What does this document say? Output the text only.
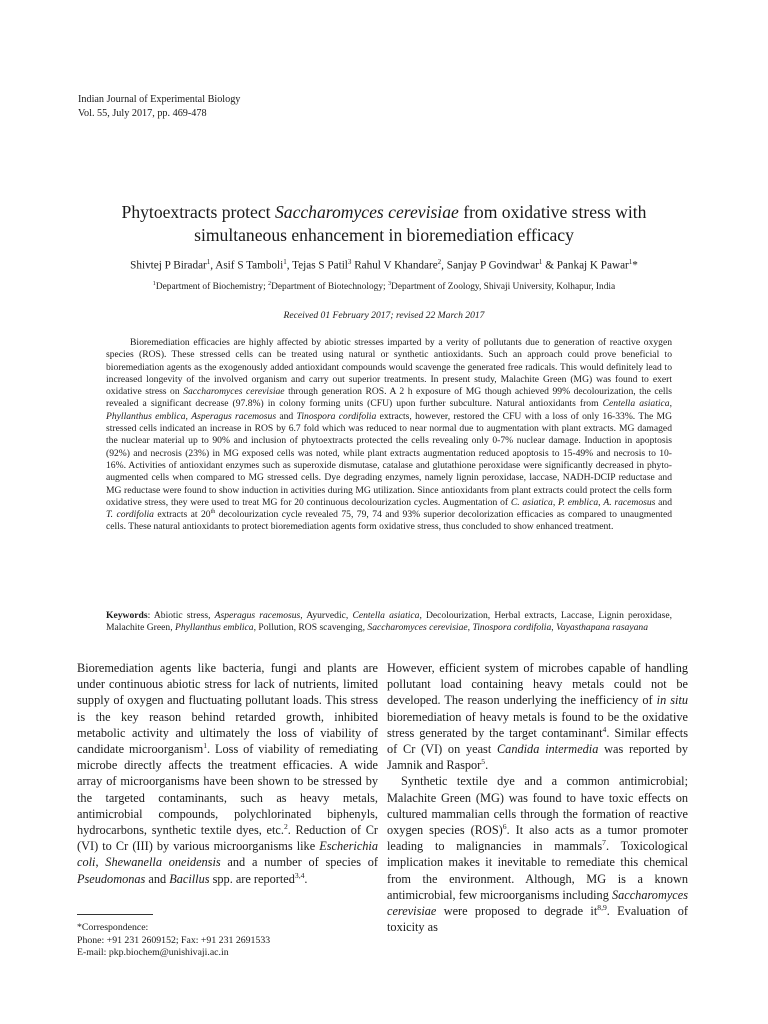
Indian Journal of Experimental Biology
Vol. 55, July 2017, pp. 469-478
Phytoextracts protect Saccharomyces cerevisiae from oxidative stress with
simultaneous enhancement in bioremediation efficacy
Shivtej P Biradar$^1$, Asif S Tamboli$^1$, Tejas S Patil$^3$ Rahul V Khandare$^2$, Sanjay P Govindwar$^1$ & Pankaj K Pawar$^1$*
$^1$Department of Biochemistry; $^2$Department of Biotechnology; $^3$Department of Zoology, Shivaji University, Kolhapur, India
Received 01 February 2017; revised 22 March 2017
Bioremediation efficacies are highly affected by abiotic stresses imparted by a verity of pollutants due to generation of reactive oxygen species (ROS). These stressed cells can be treated using natural or synthetic antioxidants. Such an approach could prove beneficial to bioremediation agents as the exogenously added antioxidant compounds would scavenge the generated free radicals. This would definitely lead to increased longevity of the involved organism and carry out superior treatments. In present study, Malachite Green (MG) was found to exert oxidative stress on Saccharomyces cerevisiae through generation ROS. A 2 h exposure of MG though achieved 99% decolourization, the cells revealed a significant decrease (97.8%) in colony forming units (CFU) upon further subculture. Natural antioxidants from Centella asiatica, Phyllanthus emblica, Asperagus racemosus and Tinospora cordifolia extracts, however, restored the CFU with a loss of only 16-33%. The MG stressed cells indicated an increase in ROS by 6.7 fold which was reduced to near normal due to augmentation with plant extracts. MG damaged the nuclear material up to 90% and inclusion of phytoextracts protected the cells revealing only 0-7% nuclear damage. Induction in apoptosis (92%) and necrosis (23%) in MG exposed cells was noted, while plant extracts augmentation reduced apoptosis to 15-49% and necrosis to 10-16%. Activities of antioxidant enzymes such as superoxide dismutase, catalase and glutathione peroxidase were significantly decreased in phyto-augmented cells when compared to MG stressed cells. Dye degrading enzymes, namely lignin peroxidase, laccase, NADH-DCIP reductase and MG reductase were found to show induction in activities during MG utilization. Since antioxidants from plant extracts could protect the cells form oxidative stress, they were used to treat MG for 20 continuous decolourization cycles. Augmentation of C. asiatica, P. emblica, A. racemosus and T. cordifolia extracts at 20th decolourization cycle revealed 75, 79, 74 and 93% superior decolorization efficacies as compared to unaugmented cells. These natural antioxidants to protect bioremediation agents form oxidative stress, thus concluded to show enhanced treatment.
Keywords: Abiotic stress, Asperagus racemosus, Ayurvedic, Centella asiatica, Decolourization, Herbal extracts, Laccase, Lignin peroxidase, Malachite Green, Phyllanthus emblica, Pollution, ROS scavenging, Saccharomyces cerevisiae, Tinospora cordifolia, Vayasthapana rasayana

Bioremediation agents like bacteria, fungi and plants are under continuous abiotic stress for lack of nutrients, limited supply of oxygen and fluctuating pollutant loads. This stress is the key reason behind retarded growth, inhibited metabolic activity and ultimately the loss of viability of candidate microorganism$^1$. Loss of viability of remediating microbe directly affects the treatment efficacies. A wide array of microorganisms have been shown to be stressed by the targeted contaminants, such as heavy metals, antimicrobial compounds, polychlorinated biphenyls, hydrocarbons, synthetic textile dyes, etc.$^2$. Reduction of Cr (VI) to Cr (III) by various microorganisms like Escherichia coli, Shewanella oneidensis and a number of species of Pseudomonas and Bacillus spp. are reported$^{3,4}$.

However, efficient system of microbes capable of handling pollutant load containing heavy metals could not be developed. The reason underlying the inefficiency of in situ bioremediation of heavy metals is found to be the oxidative stress generated by the target contaminant$^4$. Similar effects of Cr (VI) on yeast Candida intermedia was reported by Jamnik and Raspor$^5$.

Synthetic textile dye and a common antimicrobial; Malachite Green (MG) was found to have toxic effects on cultured mammalian cells through the formation of reactive oxygen species (ROS)$^6$. It also acts as a tumor promoter leading to malignancies in mammals$^7$. Toxicological implication makes it inevitable to remediate this chemical from the environment. Although, MG is a known antimicrobial, few microorganisms including Saccharomyces cerevisiae were proposed to degrade it$^{8,9}$. Evaluation of toxicity as

*Correspondence:
Phone: +91 231 2609152; Fax: +91 231 2691533
E-mail: pkp.biochem@unishivaji.ac.in
